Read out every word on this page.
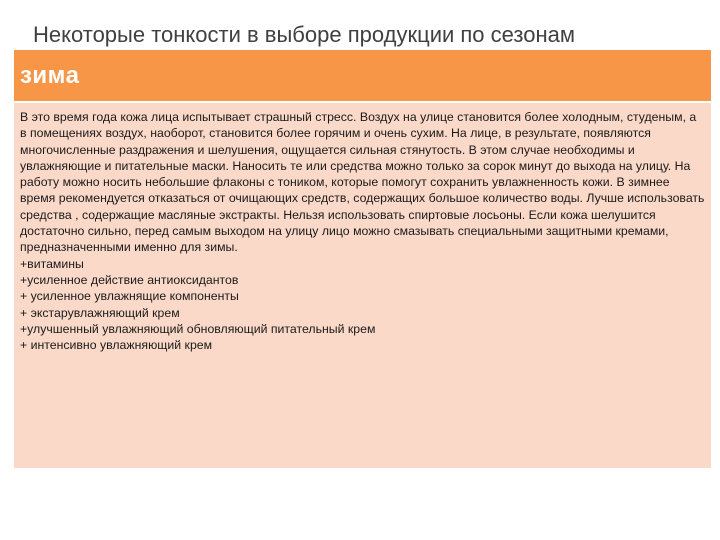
Некоторые тонкости в выборе продукции по сезонам
зима

В это время года кожа лица испытывает страшный стресс. Воздух на улице становится более холодным, студеным, а в помещениях воздух, наоборот, становится более горячим и очень сухим. На лице, в результате, появляются многочисленные раздражения и шелушения, ощущается сильная стянутость. В этом случае необходимы и увлажняющие и питательные маски. Наносить те или средства можно только за сорок минут до выхода на улицу. На работу можно носить небольшие флаконы с тоником, которые помогут сохранить увлажненность кожи. В зимнее время рекомендуется отказаться от очищающих средств, содержащих большое количество воды. Лучше использовать средства , содержащие масляные экстракты. Нельзя использовать спиртовые лосьоны. Если кожа шелушится достаточно сильно, перед самым выходом на улицу лицо можно смазывать специальными защитными кремами, предназначенными именно для зимы.

+витамины

+усиленное действие антиоксидантов

+ усиленное увлажнящие компоненты

+ экстарувлажняющий крем

+улучшенный увлажняющий обновляющий питательный крем

+ интенсивно увлажняющий крем
